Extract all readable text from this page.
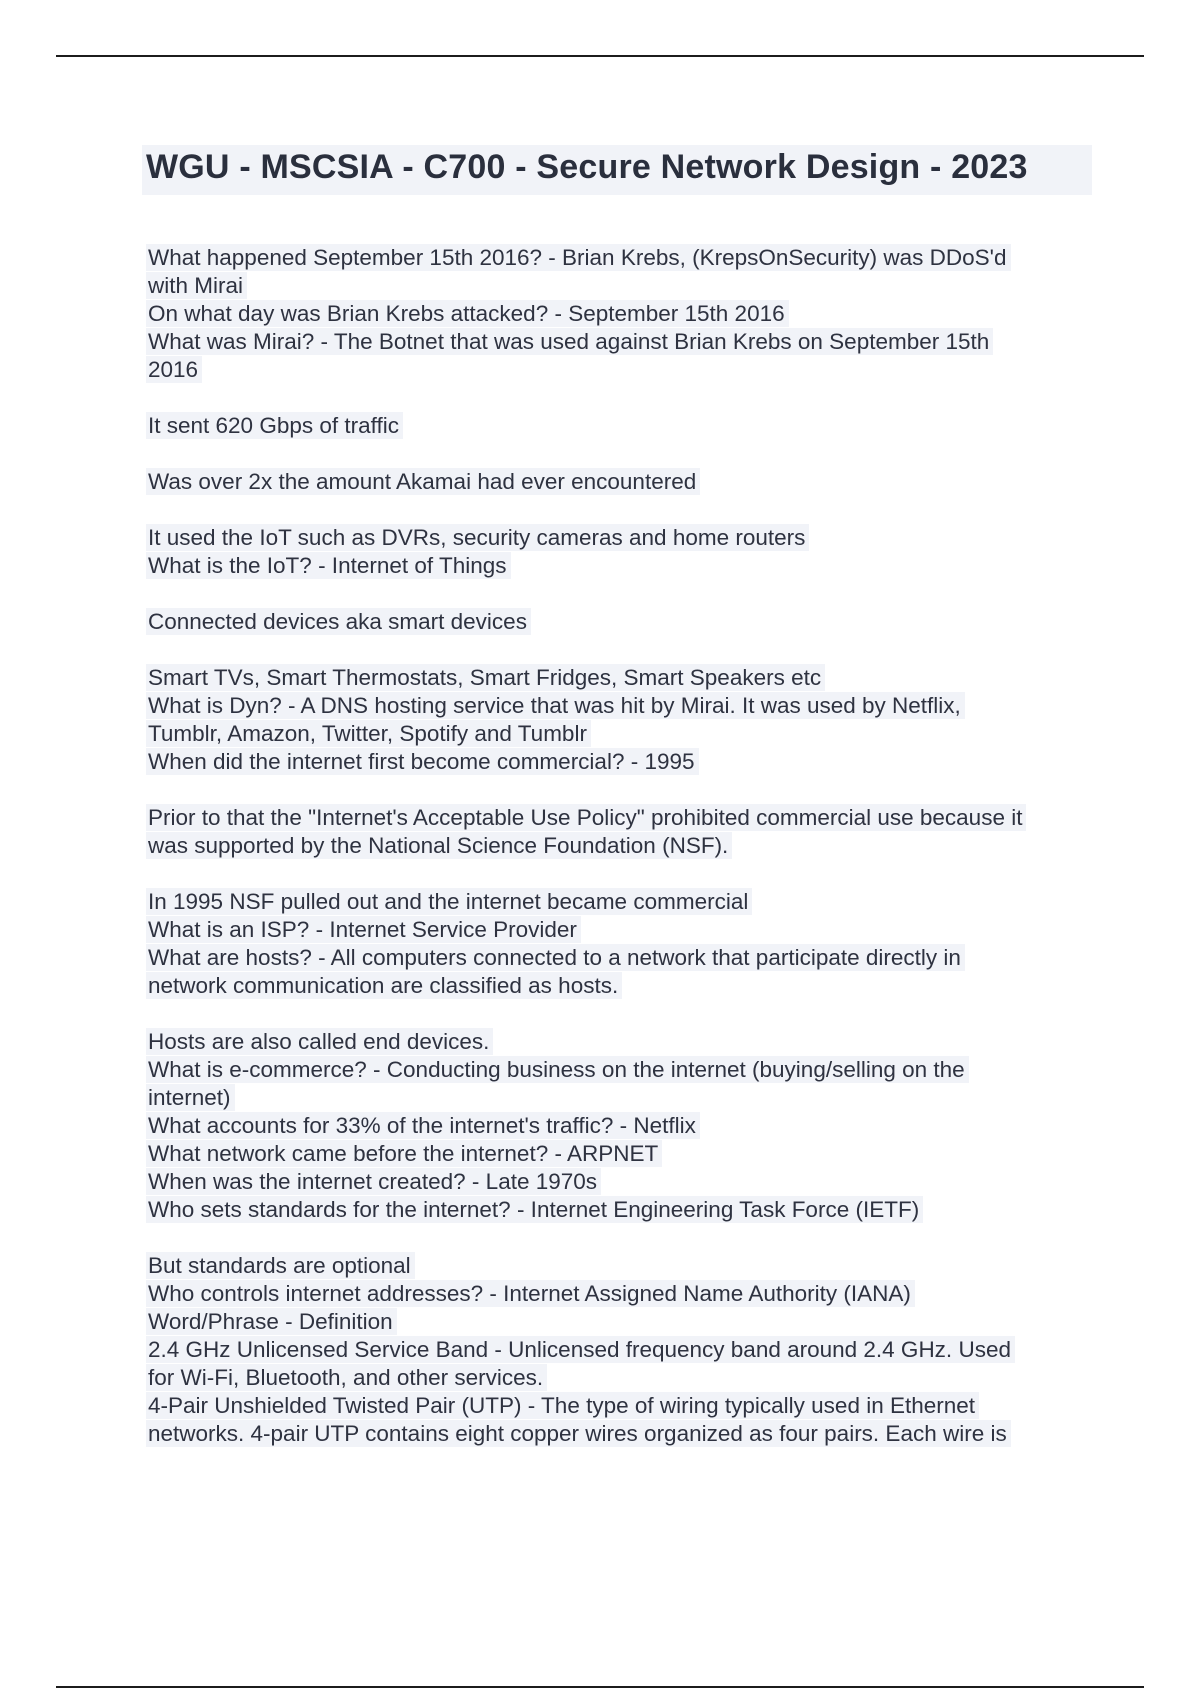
WGU - MSCSIA - C700 - Secure Network Design - 2023
What happened September 15th 2016? - Brian Krebs, (KrepsOnSecurity) was DDoS'd
with Mirai
On what day was Brian Krebs attacked? - September 15th 2016
What was Mirai? - The Botnet that was used against Brian Krebs on September 15th
2016
It sent 620 Gbps of traffic
Was over 2x the amount Akamai had ever encountered
It used the IoT such as DVRs, security cameras and home routers
What is the IoT? - Internet of Things
Connected devices aka smart devices
Smart TVs, Smart Thermostats, Smart Fridges, Smart Speakers etc
What is Dyn? - A DNS hosting service that was hit by Mirai. It was used by Netflix,
Tumblr, Amazon, Twitter, Spotify and Tumblr
When did the internet first become commercial? - 1995
Prior to that the "Internet's Acceptable Use Policy" prohibited commercial use because it
was supported by the National Science Foundation (NSF).
In 1995 NSF pulled out and the internet became commercial
What is an ISP? - Internet Service Provider
What are hosts? - All computers connected to a network that participate directly in
network communication are classified as hosts.
Hosts are also called end devices.
What is e-commerce? - Conducting business on the internet (buying/selling on the
internet)
What accounts for 33% of the internet's traffic? - Netflix
What network came before the internet? - ARPNET
When was the internet created? - Late 1970s
Who sets standards for the internet? - Internet Engineering Task Force (IETF)
But standards are optional
Who controls internet addresses? - Internet Assigned Name Authority (IANA)
Word/Phrase - Definition
2.4 GHz Unlicensed Service Band - Unlicensed frequency band around 2.4 GHz. Used
for Wi-Fi, Bluetooth, and other services.
4-Pair Unshielded Twisted Pair (UTP) - The type of wiring typically used in Ethernet
networks. 4-pair UTP contains eight copper wires organized as four pairs. Each wire is
